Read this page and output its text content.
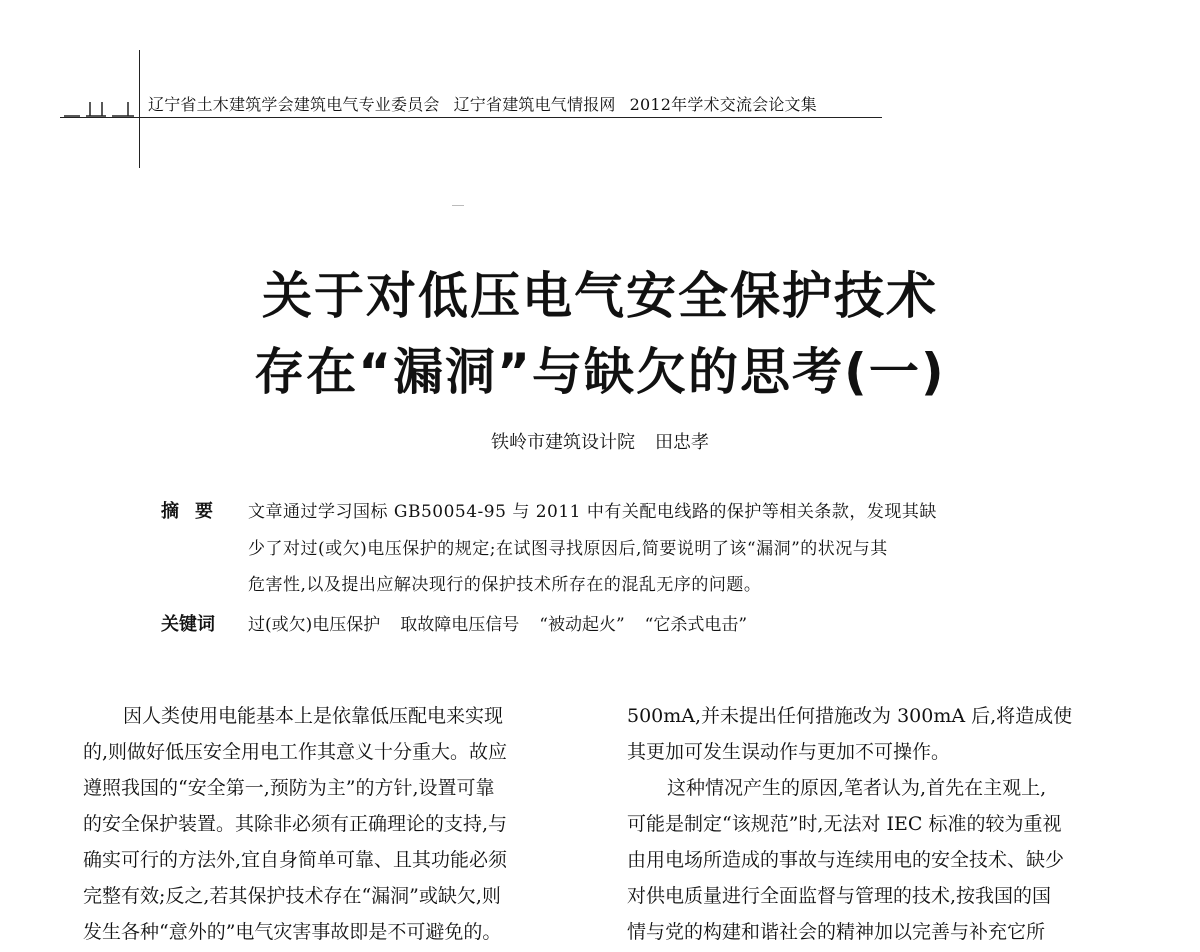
辽宁省土木建筑学会建筑电气专业委员会 辽宁省建筑电气情报网 2012年学术交流会论文集
关于对低压电气安全保护技术
存在“漏洞”与缺欠的思考(一)
铁岭市建筑设计院 田忠孝
摘要 文章通过学习国标 GB50054-95 与 2011 中有关配电线路的保护等相关条款，发现其缺
少了对过(或欠)电压保护的规定;在试图寻找原因后,简要说明了该“漏洞”的状况与其
危害性,以及提出应解决现行的保护技术所存在的混乱无序的问题。
关键词 过(或欠)电压保护 取故障电压信号 “被动起火” “它杀式电击”
因人类使用电能基本上是依靠低压配电来实现
的,则做好低压安全用电工作其意义十分重大。故应
遵照我国的“安全第一,预防为主”的方针,设置可靠
的安全保护装置。其除非必须有正确理论的支持,与
确实可行的方法外,宜自身简单可靠、且其功能必须
完整有效;反之,若其保护技术存在“漏洞”或缺欠,则
发生各种“意外的”电气灾害事故即是不可避免的。
500mA,并未提出任何措施改为 300mA 后,将造成使
其更加可发生误动作与更加不可操作。
这种情况产生的原因,笔者认为,首先在主观上,
可能是制定“该规范”时,无法对 IEC 标准的较为重视
由用电场所造成的事故与连续用电的安全技术、缺少
对供电质量进行全面监督与管理的技术,按我国的国
情与党的构建和谐社会的精神加以完善与补充它所
